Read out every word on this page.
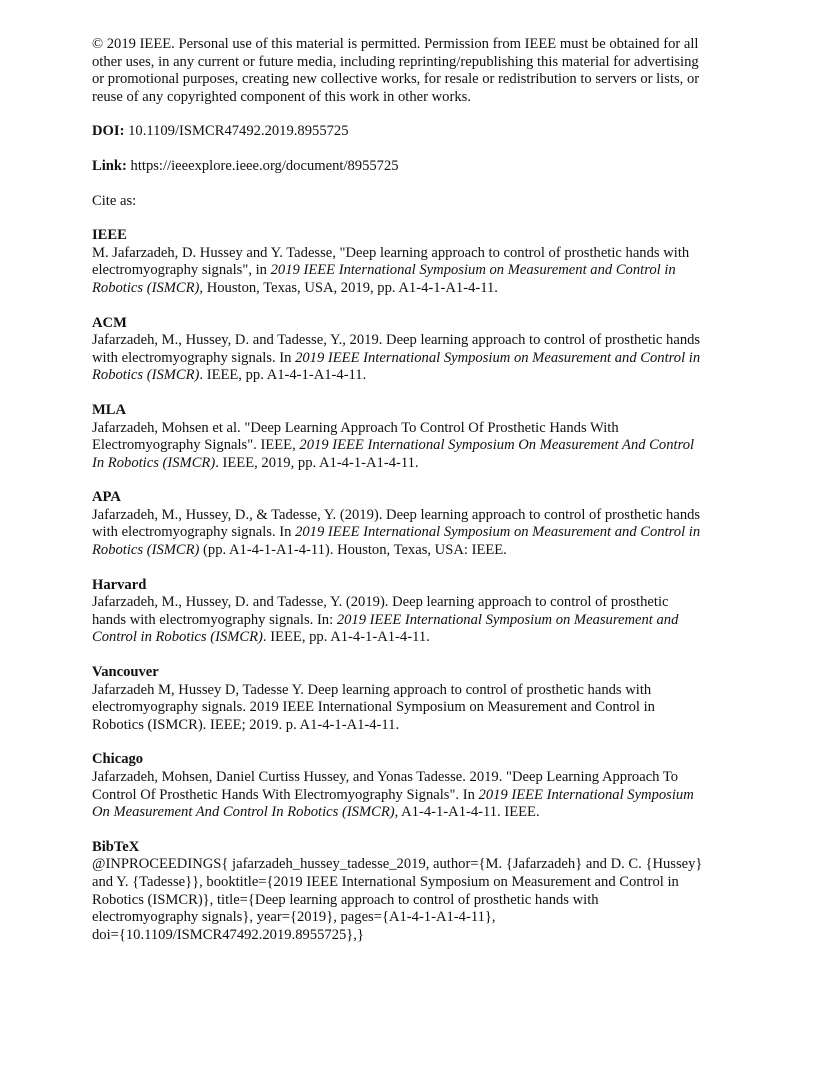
© 2019 IEEE. Personal use of this material is permitted. Permission from IEEE must be obtained for all
other uses, in any current or future media, including reprinting/republishing this material for advertising
or promotional purposes, creating new collective works, for resale or redistribution to servers or lists, or
reuse of any copyrighted component of this work in other works.

DOI: 10.1109/ISMCR47492.2019.8955725

Link: https://ieeexplore.ieee.org/document/8955725

Cite as:

IEEE

M. Jafarzadeh, D. Hussey and Y. Tadesse, "Deep learning approach to control of prosthetic hands with
electromyography signals", in 2019 IEEE International Symposium on Measurement and Control in
Robotics (ISMCR), Houston, Texas, USA, 2019, pp. A1-4-1-A1-4-11.

ACM

Jafarzadeh, M., Hussey, D. and Tadesse, Y., 2019. Deep learning approach to control of prosthetic hands
with electromyography signals. In 2019 IEEE International Symposium on Measurement and Control in
Robotics (ISMCR). IEEE, pp. A1-4-1-A1-4-11.

MLA

Jafarzadeh, Mohsen et al. "Deep Learning Approach To Control Of Prosthetic Hands With
Electromyography Signals". IEEE, 2019 IEEE International Symposium On Measurement And Control
In Robotics (ISMCR). IEEE, 2019, pp. A1-4-1-A1-4-11.

APA

Jafarzadeh, M., Hussey, D., & Tadesse, Y. (2019). Deep learning approach to control of prosthetic hands
with electromyography signals. In 2019 IEEE International Symposium on Measurement and Control in
Robotics (ISMCR) (pp. A1-4-1-A1-4-11). Houston, Texas, USA: IEEE.

Harvard

Jafarzadeh, M., Hussey, D. and Tadesse, Y. (2019). Deep learning approach to control of prosthetic
hands with electromyography signals. In: 2019 IEEE International Symposium on Measurement and
Control in Robotics (ISMCR). IEEE, pp. A1-4-1-A1-4-11.

Vancouver

Jafarzadeh M, Hussey D, Tadesse Y. Deep learning approach to control of prosthetic hands with
electromyography signals. 2019 IEEE International Symposium on Measurement and Control in
Robotics (ISMCR). IEEE; 2019. p. A1-4-1-A1-4-11.

Chicago

Jafarzadeh, Mohsen, Daniel Curtiss Hussey, and Yonas Tadesse. 2019. "Deep Learning Approach To
Control Of Prosthetic Hands With Electromyography Signals". In 2019 IEEE International Symposium
On Measurement And Control In Robotics (ISMCR), A1-4-1-A1-4-11. IEEE.

BibTeX

@INPROCEEDINGS{ jafarzadeh_hussey_tadesse_2019, author={M. {Jafarzadeh} and D. C. {Hussey}
and Y. {Tadesse}}, booktitle={2019 IEEE International Symposium on Measurement and Control in
Robotics (ISMCR)}, title={Deep learning approach to control of prosthetic hands with
electromyography signals}, year={2019}, pages={A1-4-1-A1-4-11},
doi={10.1109/ISMCR47492.2019.8955725},}
